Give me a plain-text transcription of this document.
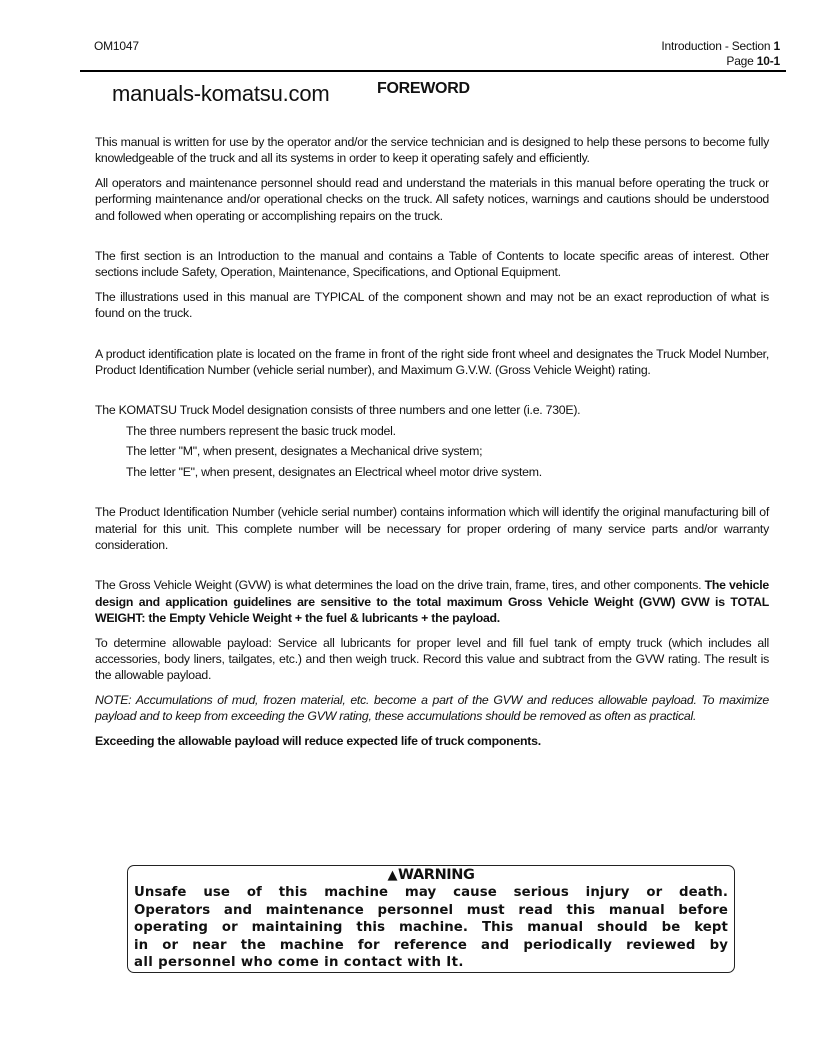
OM1047	Introduction - Section 1
Page 10-1
manuals-komatsu.com	FOREWORD

This manual is written for use by the operator and/or the service technician and is designed to help these persons to become fully knowledgeable of the truck and all its systems in order to keep it operating safely and efficiently.

All operators and maintenance personnel should read and understand the materials in this manual before operating the truck or performing maintenance and/or operational checks on the truck. All safety notices, warnings and cautions should be understood and followed when operating or accomplishing repairs on the truck.

The first section is an Introduction to the manual and contains a Table of Contents to locate specific areas of interest. Other sections include Safety, Operation, Maintenance, Specifications, and Optional Equipment.

The illustrations used in this manual are TYPICAL of the component shown and may not be an exact reproduction of what is found on the truck.

A product identification plate is located on the frame in front of the right side front wheel and designates the Truck Model Number, Product Identification Number (vehicle serial number), and Maximum G.V.W. (Gross Vehicle Weight) rating.

The KOMATSU Truck Model designation consists of three numbers and one letter (i.e. 730E).

The three numbers represent the basic truck model.

The letter "M", when present, designates a Mechanical drive system;

The letter "E", when present, designates an Electrical wheel motor drive system.

The Product Identification Number (vehicle serial number) contains information which will identify the original manufacturing bill of material for this unit. This complete number will be necessary for proper ordering of many service parts and/or warranty consideration.

The Gross Vehicle Weight (GVW) is what determines the load on the drive train, frame, tires, and other components. The vehicle design and application guidelines are sensitive to the total maximum Gross Vehicle Weight (GVW) GVW is TOTAL WEIGHT: the Empty Vehicle Weight + the fuel & lubricants + the payload.

To determine allowable payload: Service all lubricants for proper level and fill fuel tank of empty truck (which includes all accessories, body liners, tailgates, etc.) and then weigh truck. Record this value and subtract from the GVW rating. The result is the allowable payload.

NOTE: Accumulations of mud, frozen material, etc. become a part of the GVW and reduces allowable payload. To maximize payload and to keep from exceeding the GVW rating, these accumulations should be removed as often as practical.

Exceeding the allowable payload will reduce expected life of truck components.

▲WARNING
Unsafe use of this machine may cause serious injury or death.
Operators and maintenance personnel must read this manual before
operating or maintaining this machine. This manual should be kept
in or near the machine for reference and periodically reviewed by
all personnel who come in contact with It.
